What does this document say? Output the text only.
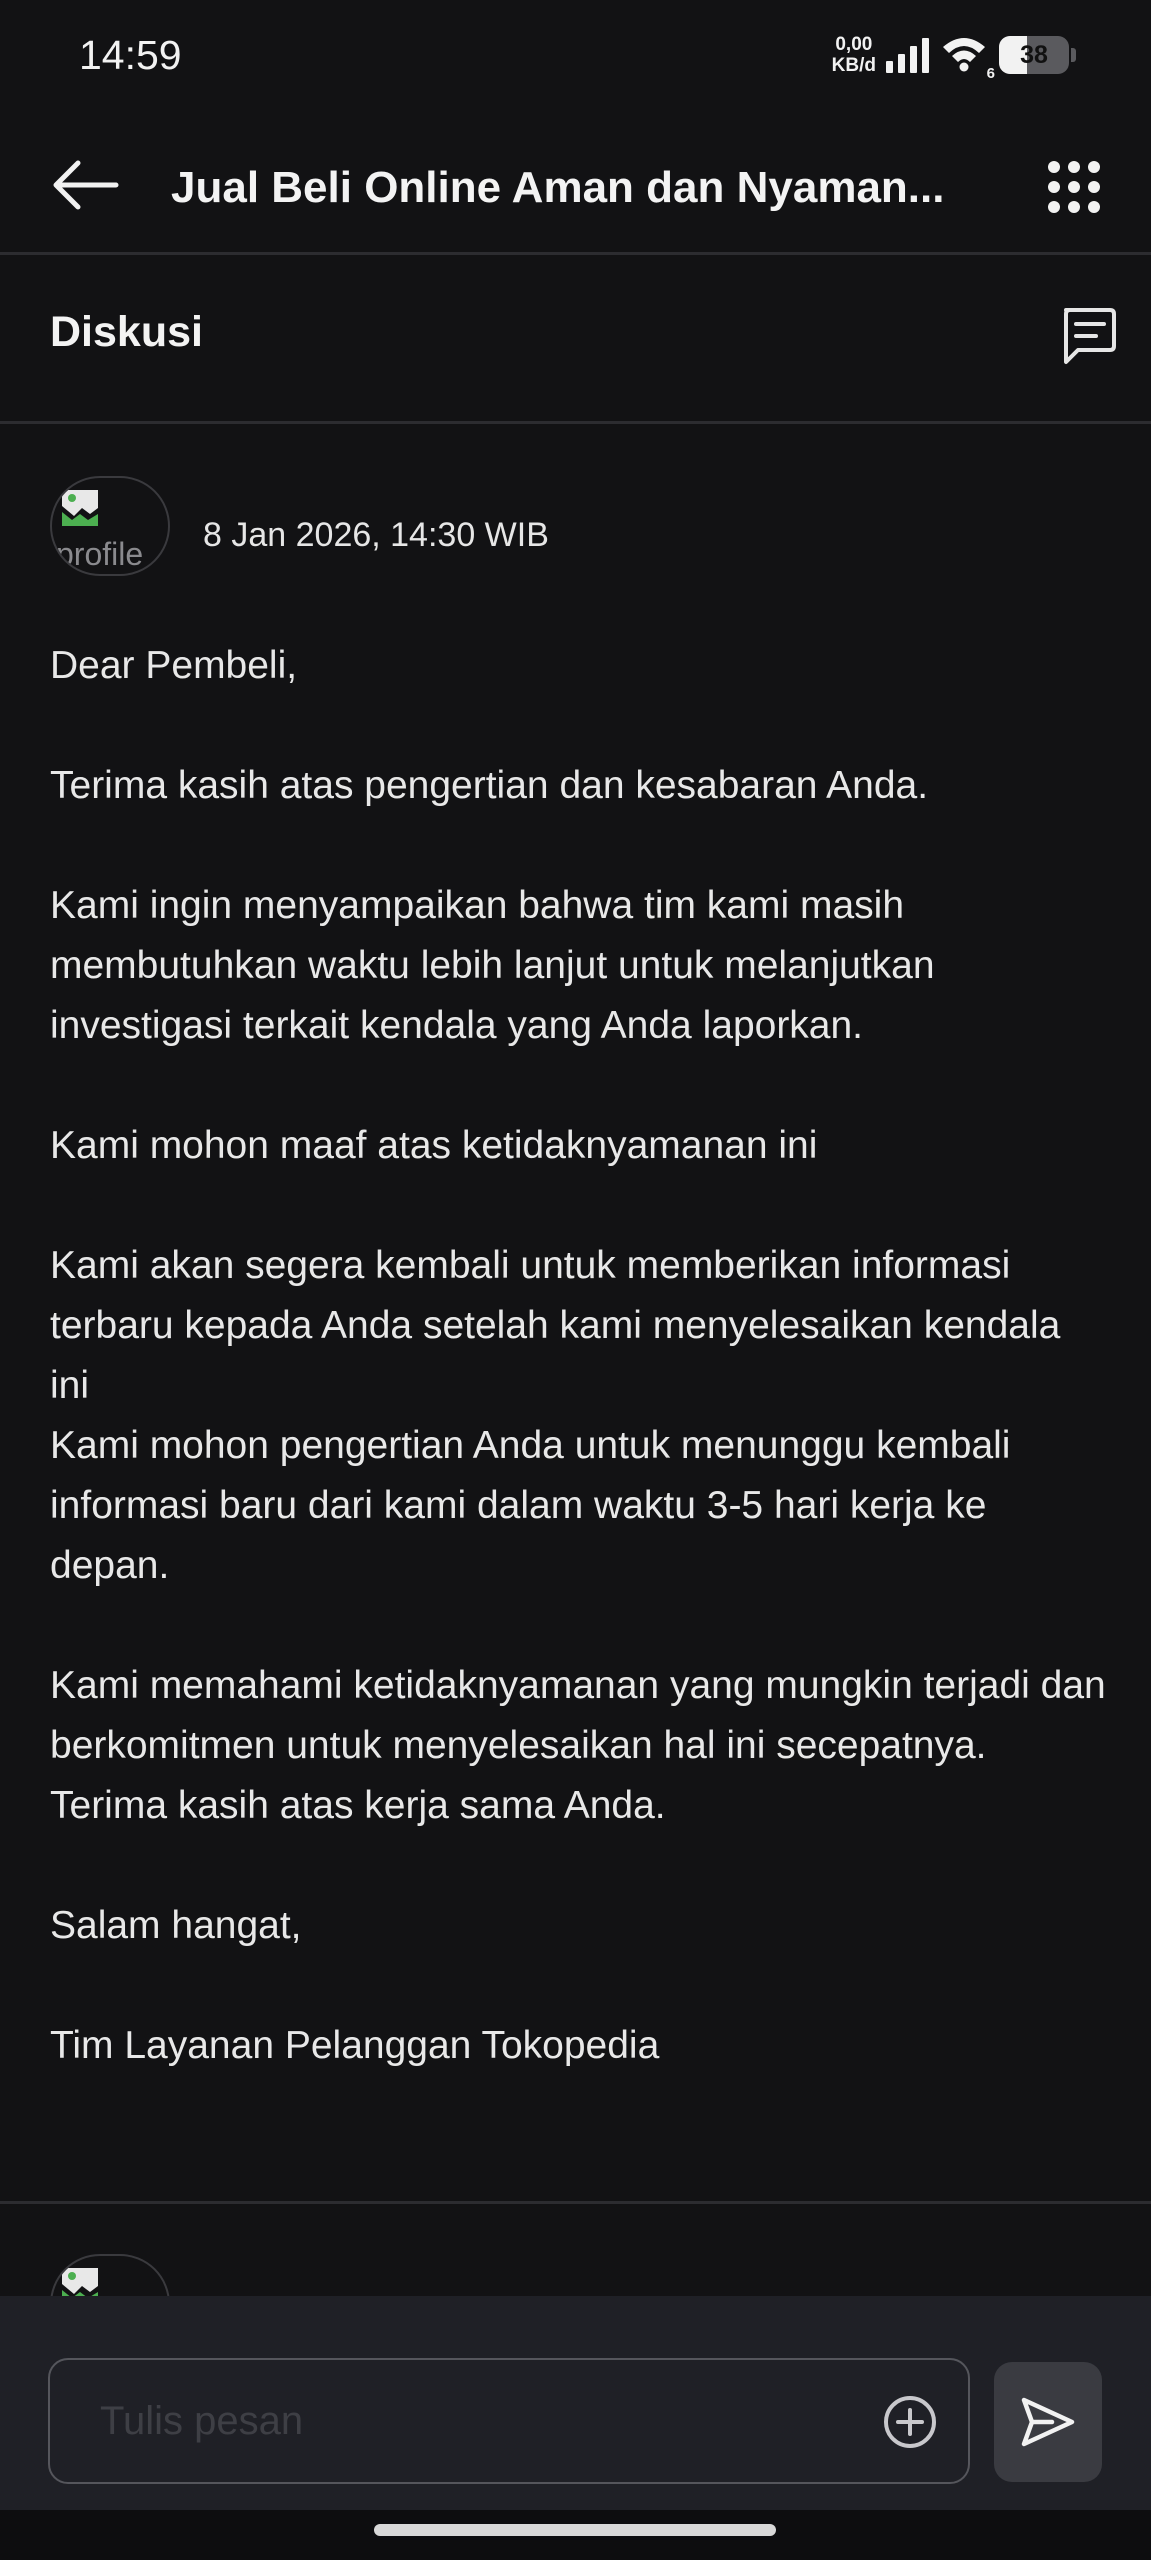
14:59	0,00
KB/d	6
38
Jual Beli Online Aman dan Nyaman...
Diskusi
profile 8 Jan 2026, 14:30 WIB
Dear Pembeli,
Terima kasih atas pengertian dan kesabaran Anda.
Kami ingin menyampaikan bahwa tim kami masih membutuhkan waktu lebih lanjut untuk melanjutkan investigasi terkait kendala yang Anda laporkan.
Kami mohon maaf atas ketidaknyamanan ini
Kami akan segera kembali untuk memberikan informasi terbaru kepada Anda setelah kami menyelesaikan kendala ini
Kami mohon pengertian Anda untuk menunggu kembali informasi baru dari kami dalam waktu 3-5 hari kerja ke depan.
Kami memahami ketidaknyamanan yang mungkin terjadi dan berkomitmen untuk menyelesaikan hal ini secepatnya. Terima kasih atas kerja sama Anda.
Salam hangat,
Tim Layanan Pelanggan Tokopedia
Tulis pesan
